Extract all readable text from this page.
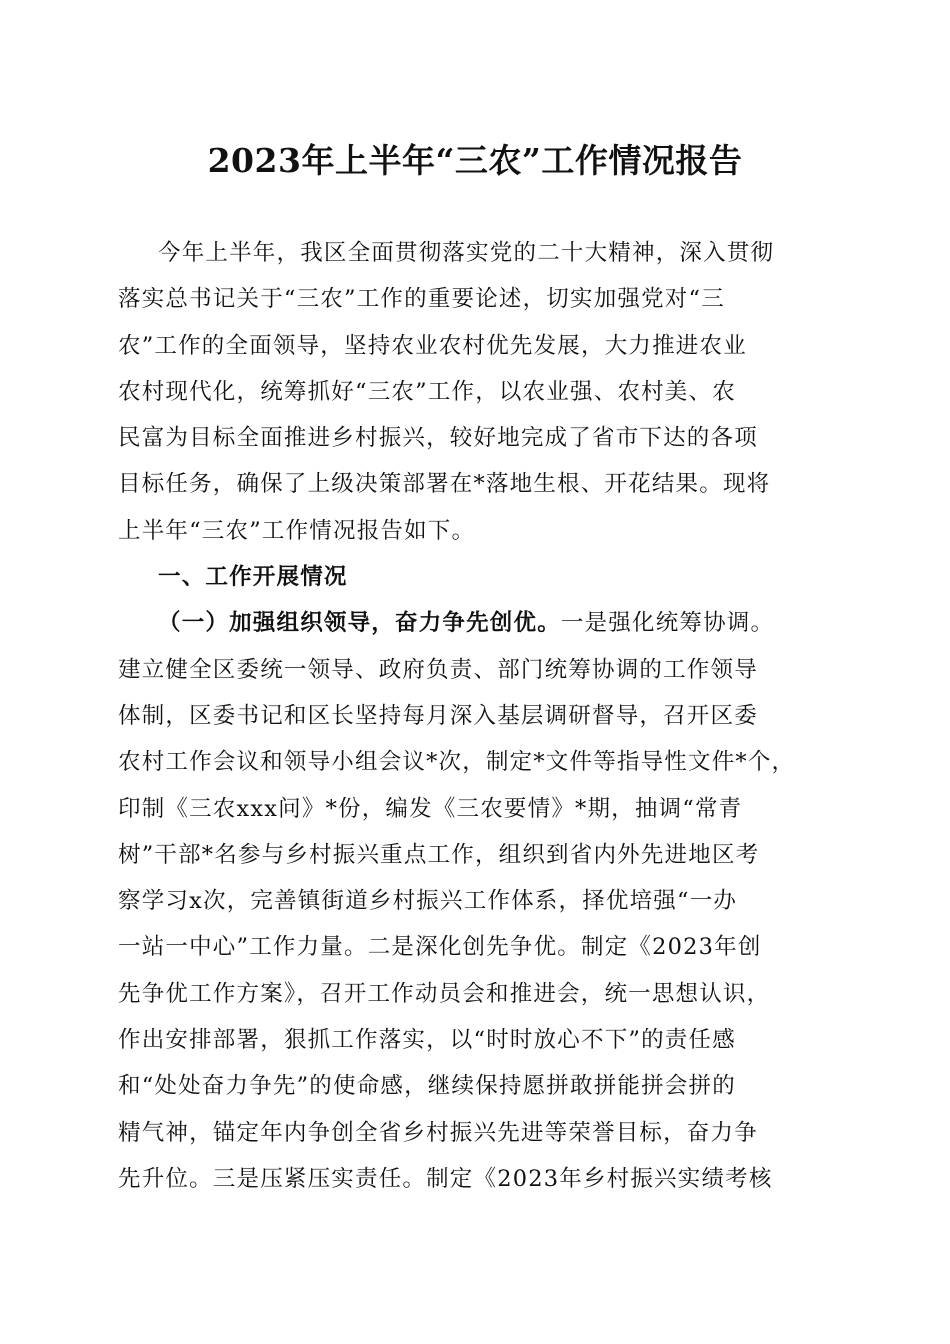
2023年上半年“三农”工作情况报告
今年上半年，我区全面贯彻落实党的二十大精神，深入贯彻
落实总书记关于“三农”工作的重要论述，切实加强党对“三
农”工作的全面领导，坚持农业农村优先发展，大力推进农业
农村现代化，统筹抓好“三农”工作，以农业强、农村美、农
民富为目标全面推进乡村振兴，较好地完成了省市下达的各项
目标任务，确保了上级决策部署在*落地生根、开花结果。现将
上半年“三农”工作情况报告如下。
一、工作开展情况
（一）加强组织领导，奋力争先创优。一是强化统筹协调。
建立健全区委统一领导、政府负责、部门统筹协调的工作领导
体制，区委书记和区长坚持每月深入基层调研督导，召开区委
农村工作会议和领导小组会议*次，制定*文件等指导性文件*个，
印制《三农xxx问》*份，编发《三农要情》*期，抽调“常青
树”干部*名参与乡村振兴重点工作，组织到省内外先进地区考
察学习x次，完善镇街道乡村振兴工作体系，择优培强“一办
一站一中心”工作力量。二是深化创先争优。制定《2023年创
先争优工作方案》，召开工作动员会和推进会，统一思想认识，
作出安排部署，狠抓工作落实，以“时时放心不下”的责任感
和“处处奋力争先”的使命感，继续保持愿拼敢拼能拼会拼的
精气神，锚定年内争创全省乡村振兴先进等荣誉目标，奋力争
先升位。三是压紧压实责任。制定《2023年乡村振兴实绩考核
